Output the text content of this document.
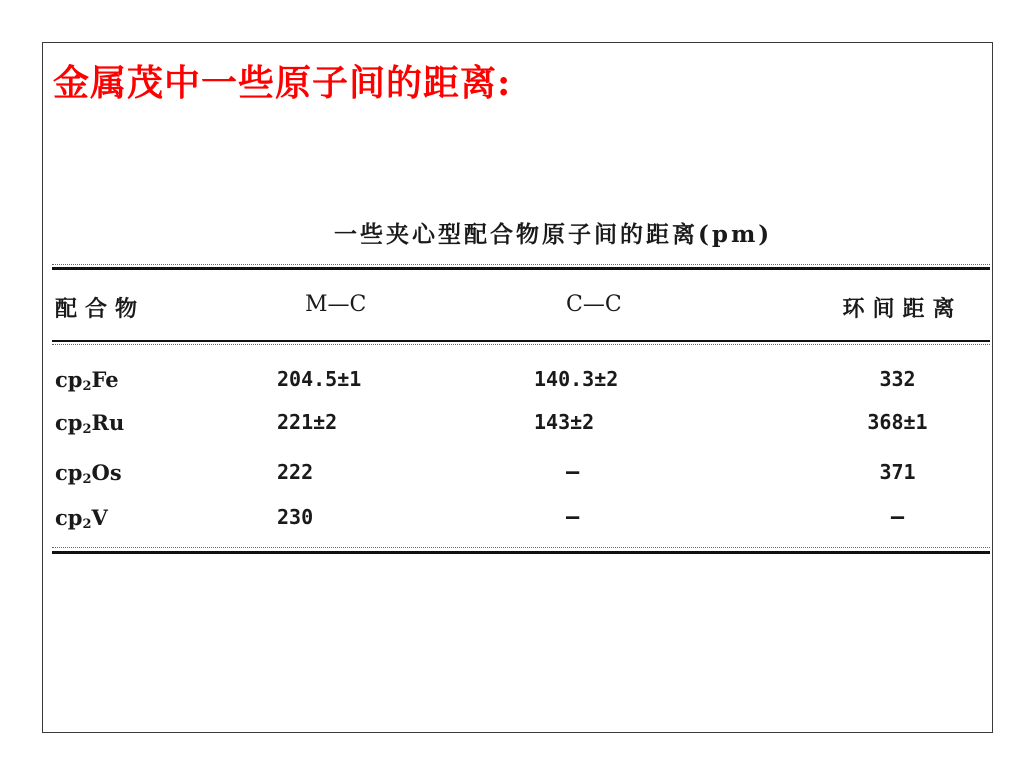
金属茂中一些原子间的距离:
一些夹心型配合物原子间的距离(pm)
配合物	M—C	C—C	环间距离
$cp_2Fe$	204.5±1	140.3±2	332
$cp_2Ru$	221±2	143±2	368±1
$cp_2Os$	222	—	371
$cp_2V$	230	—	—
